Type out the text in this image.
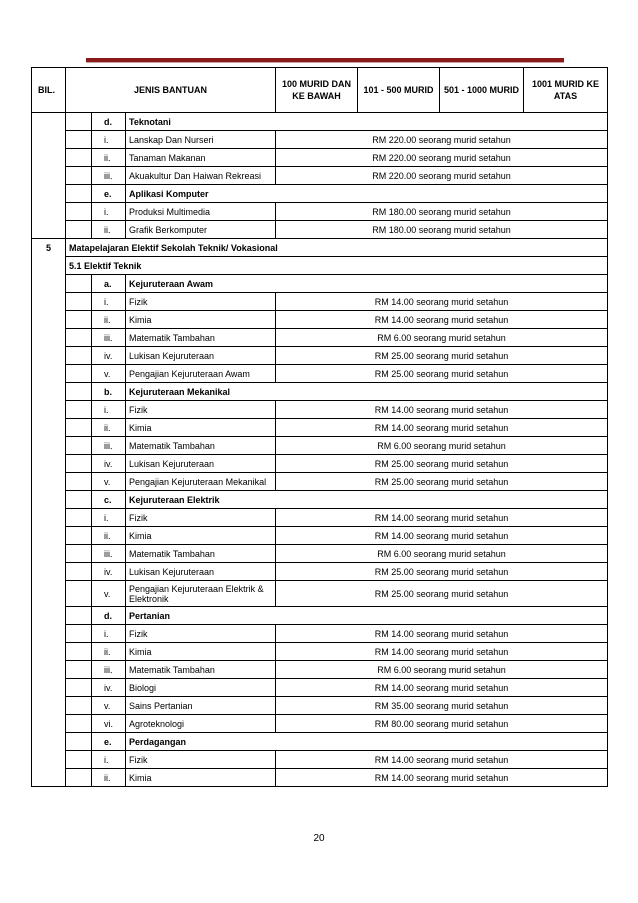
BIL.	JENIS BANTUAN			100 MURID DAN KE BAWAH	101 - 500 MURID	501 - 1000 MURID	1001 MURID KE ATAS
		d.	Teknotani				
		i.	Lanskap Dan Nurseri	RM 220.00 seorang murid setahun			
		ii.	Tanaman Makanan	RM 220.00 seorang murid setahun			
		iii.	Akuakultur Dan Haiwan Rekreasi	RM 220.00 seorang murid setahun			
		e.	Aplikasi Komputer				
		i.	Produksi Multimedia	RM 180.00 seorang murid setahun			
		ii.	Grafik Berkomputer	RM 180.00 seorang murid setahun			
5	Matapelajaran Elektif Sekolah Teknik/ Vokasional						
	5.1 Elektif Teknik						
		a.	Kejuruteraan Awam				
		i.	Fizik	RM 14.00 seorang murid setahun			
		ii.	Kimia	RM 14.00 seorang murid setahun			
		iii.	Matematik Tambahan	RM 6.00 seorang murid setahun			
		iv.	Lukisan Kejuruteraan	RM 25.00 seorang murid setahun			
		v.	Pengajian Kejuruteraan Awam	RM 25.00 seorang murid setahun			
		b.	Kejuruteraan Mekanikal				
		i.	Fizik	RM 14.00 seorang murid setahun			
		ii.	Kimia	RM 14.00 seorang murid setahun			
		iii.	Matematik Tambahan	RM 6.00 seorang murid setahun			
		iv.	Lukisan Kejuruteraan	RM 25.00 seorang murid setahun			
		v.	Pengajian Kejuruteraan Mekanikal	RM 25.00 seorang murid setahun			
		c.	Kejuruteraan Elektrik				
		i.	Fizik	RM 14.00 seorang murid setahun			
		ii.	Kimia	RM 14.00 seorang murid setahun			
		iii.	Matematik Tambahan	RM 6.00 seorang murid setahun			
		iv.	Lukisan Kejuruteraan	RM 25.00 seorang murid setahun			
		v.	Pengajian Kejuruteraan Elektrik & Elektronik	RM 25.00 seorang murid setahun			
		d.	Pertanian				
		i.	Fizik	RM 14.00 seorang murid setahun			
		ii.	Kimia	RM 14.00 seorang murid setahun			
		iii.	Matematik Tambahan	RM 6.00 seorang murid setahun			
		iv.	Biologi	RM 14.00 seorang murid setahun			
		v.	Sains Pertanian	RM 35.00 seorang murid setahun			
		vi.	Agroteknologi	RM 80.00 seorang murid setahun			
		e.	Perdagangan				
		i.	Fizik	RM 14.00 seorang murid setahun			
		ii.	Kimia	RM 14.00 seorang murid setahun			
20
